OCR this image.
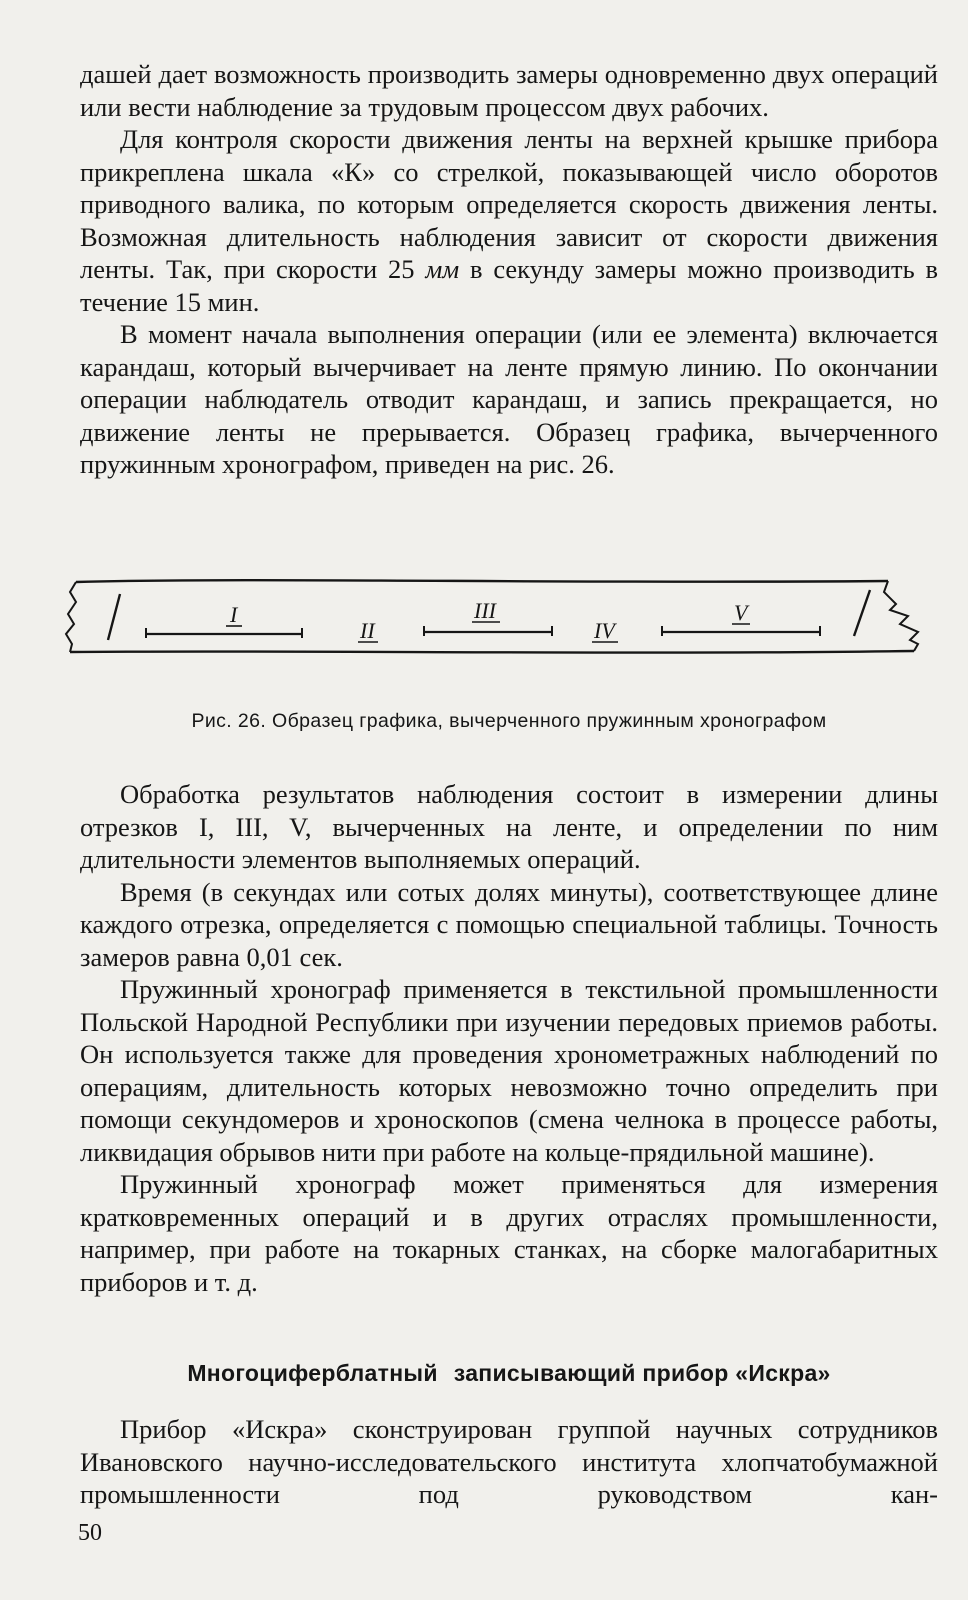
дашей дает возможность производить замеры одновременно двух операций или вести наблюдение за трудовым процессом двух рабочих.

Для контроля скорости движения ленты на верхней крышке прибора прикреплена шкала «К» со стрелкой, показывающей число оборотов приводного валика, по которым определяется скорость движения ленты. Возможная длительность наблюдения зависит от скорости движения ленты. Так, при скорости 25 мм в секунду замеры можно производить в течение 15 мин.

В момент начала выполнения операции (или ее элемента) включается карандаш, который вычерчивает на ленте прямую линию. По окончании операции наблюдатель отводит карандаш, и запись прекращается, но движение ленты не прерывается. Образец графика, вычерченного пружинным хронографом, приведен на рис. 26.

I
II
III
IV
V
Рис. 26. Образец графика, вычерченного пружинным хронографом

Обработка результатов наблюдения состоит в измерении длины отрезков I, III, V, вычерченных на ленте, и определении по ним длительности элементов выполняемых операций.

Время (в секундах или сотых долях минуты), соответствующее длине каждого отрезка, определяется с помощью специальной таблицы. Точность замеров равна 0,01 сек.

Пружинный хронограф применяется в текстильной промышленности Польской Народной Республики при изучении передовых приемов работы. Он используется также для проведения хронометражных наблюдений по операциям, длительность которых невозможно точно определить при помощи секундомеров и хроноскопов (смена челнока в процессе работы, ликвидация обрывов нити при работе на кольце-прядильной машине).

Пружинный хронограф может применяться для измерения кратковременных операций и в других отраслях промышленности, например, при работе на токарных станках, на сборке малогабаритных приборов и т. д.

Многоциферблатный записывающий прибор «Искра»

Прибор «Искра» сконструирован группой научных сотрудников Ивановского научно-исследовательского института хлопчатобумажной промышленности под руководством кан-

50
